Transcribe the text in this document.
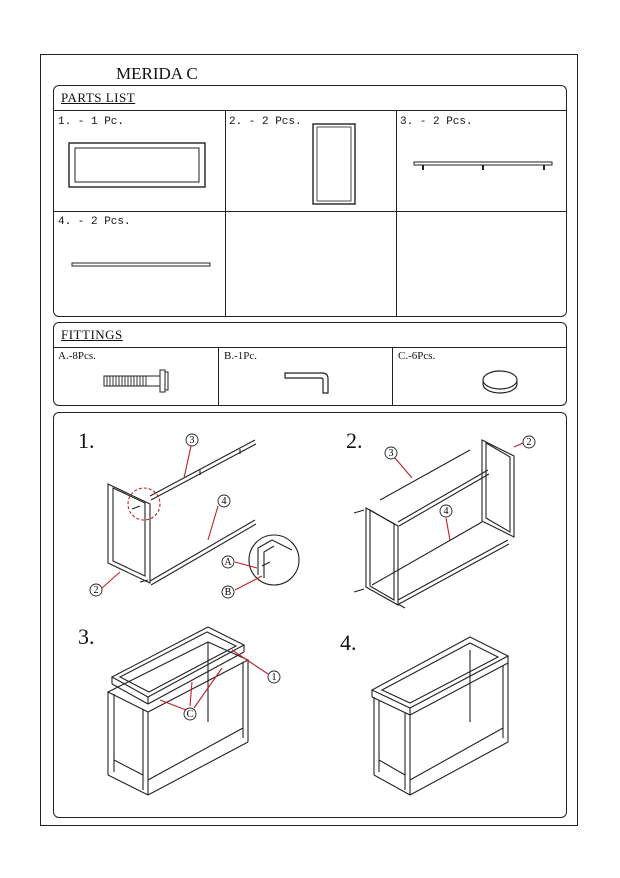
MERIDA C
PARTS LIST
1. - 1 Pc.	2. - 2 Pcs.	3. - 2 Pcs.
4. - 2 Pcs.
FITTINGS
A.-8Pcs.	B.-1Pc.	C.-6Pcs.
1.	2.
3.	4.
3
4
2
A
B
3
2
4
1
C
